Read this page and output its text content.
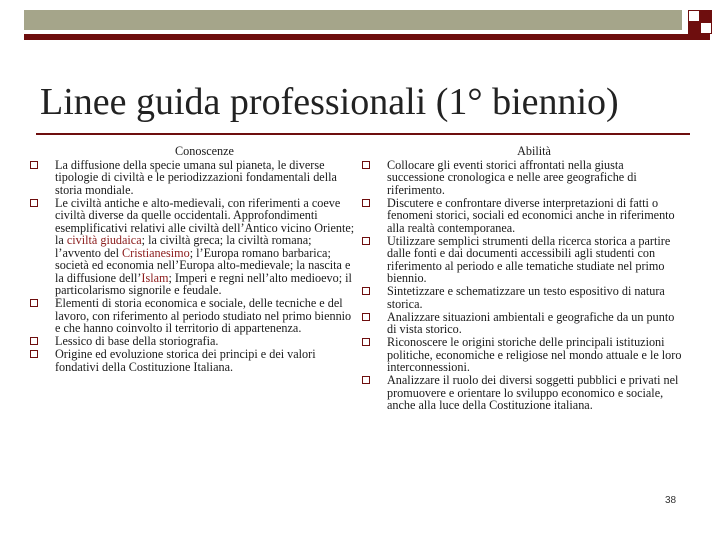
Linee guida professionali (1° biennio)
Conoscenze
La diffusione della specie umana sul pianeta, le diverse tipologie di civiltà e le periodizzazioni fondamentali della storia mondiale.
Le civiltà antiche e alto-medievali, con riferimenti a coeve civiltà diverse da quelle occidentali. Approfondimenti esemplificativi relativi alle civiltà dell’Antico vicino Oriente; la civiltà giudaica; la civiltà greca; la civiltà romana; l’avvento del Cristianesimo; l’Europa romano barbarica; società ed economia nell’Europa alto-medievale; la nascita e la diffusione dell’Islam; Imperi e regni nell’alto medioevo; il particolarismo signorile e feudale.
Elementi di storia economica e sociale, delle tecniche e del lavoro, con riferimento al periodo studiato nel primo biennio e che hanno coinvolto il territorio di appartenenza.
Lessico di base della storiografia.
Origine ed evoluzione storica dei principi e dei valori fondativi della Costituzione Italiana.
Abilità
Collocare gli eventi storici affrontati nella giusta successione cronologica e nelle aree geografiche di riferimento.
Discutere e confrontare diverse interpretazioni di fatti o fenomeni storici, sociali ed economici anche in riferimento alla realtà contemporanea.
Utilizzare semplici strumenti della ricerca storica a partire dalle fonti e dai documenti accessibili agli studenti con riferimento al periodo e alle tematiche studiate nel primo biennio.
Sintetizzare e schematizzare un testo espositivo di natura storica.
Analizzare situazioni ambientali e geografiche da un punto di vista storico.
Riconoscere le origini storiche delle principali istituzioni politiche, economiche e religiose nel mondo attuale e le loro interconnessioni.
Analizzare il ruolo dei diversi soggetti pubblici e privati nel promuovere e orientare lo sviluppo economico e sociale, anche alla luce della Costituzione italiana.
38
